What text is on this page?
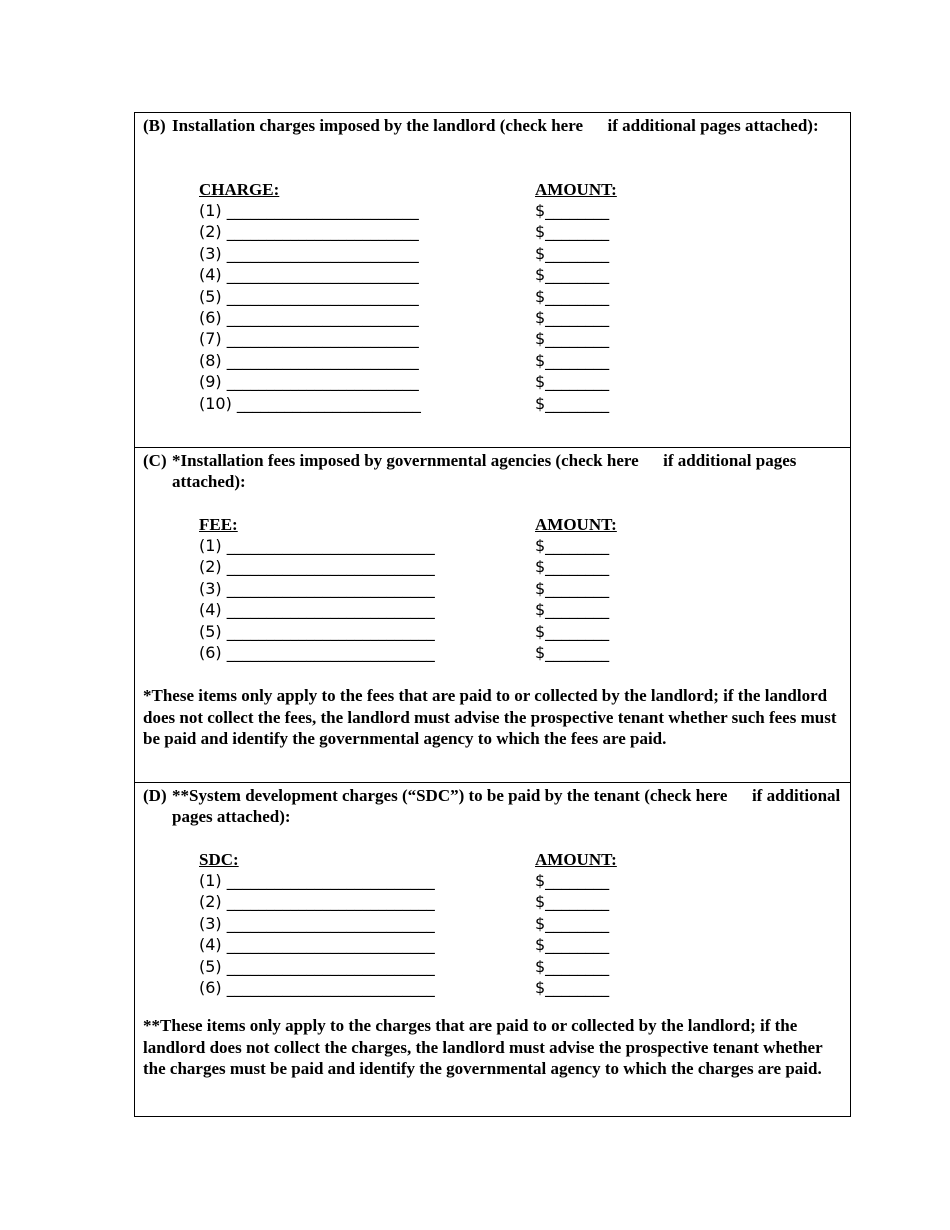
(B) Installation charges imposed by the landlord (check here if additional pages attached):
CHARGE:	AMOUNT:
(1) ________________________	$________
(2) ________________________	$________
(3) ________________________	$________
(4) ________________________	$________
(5) ________________________	$________
(6) ________________________	$________
(7) ________________________	$________
(8) ________________________	$________
(9) ________________________	$________
(10) _______________________	$________
(C) *Installation fees imposed by governmental agencies (check here if additional pages attached):
FEE:	AMOUNT:
(1) __________________________	$________
(2) __________________________	$________
(3) __________________________	$________
(4) __________________________	$________
(5) __________________________	$________
(6) __________________________	$________
*These items only apply to the fees that are paid to or collected by the landlord; if the landlord does not collect the fees, the landlord must advise the prospective tenant whether such fees must be paid and identify the governmental agency to which the fees are paid.
(D) **System development charges (“SDC”) to be paid by the tenant (check here if additional pages attached):
SDC:	AMOUNT:
(1) __________________________	$________
(2) __________________________	$________
(3) __________________________	$________
(4) __________________________	$________
(5) __________________________	$________
(6) __________________________	$________
**These items only apply to the charges that are paid to or collected by the landlord; if the landlord does not collect the charges, the landlord must advise the prospective tenant whether the charges must be paid and identify the governmental agency to which the charges are paid.
